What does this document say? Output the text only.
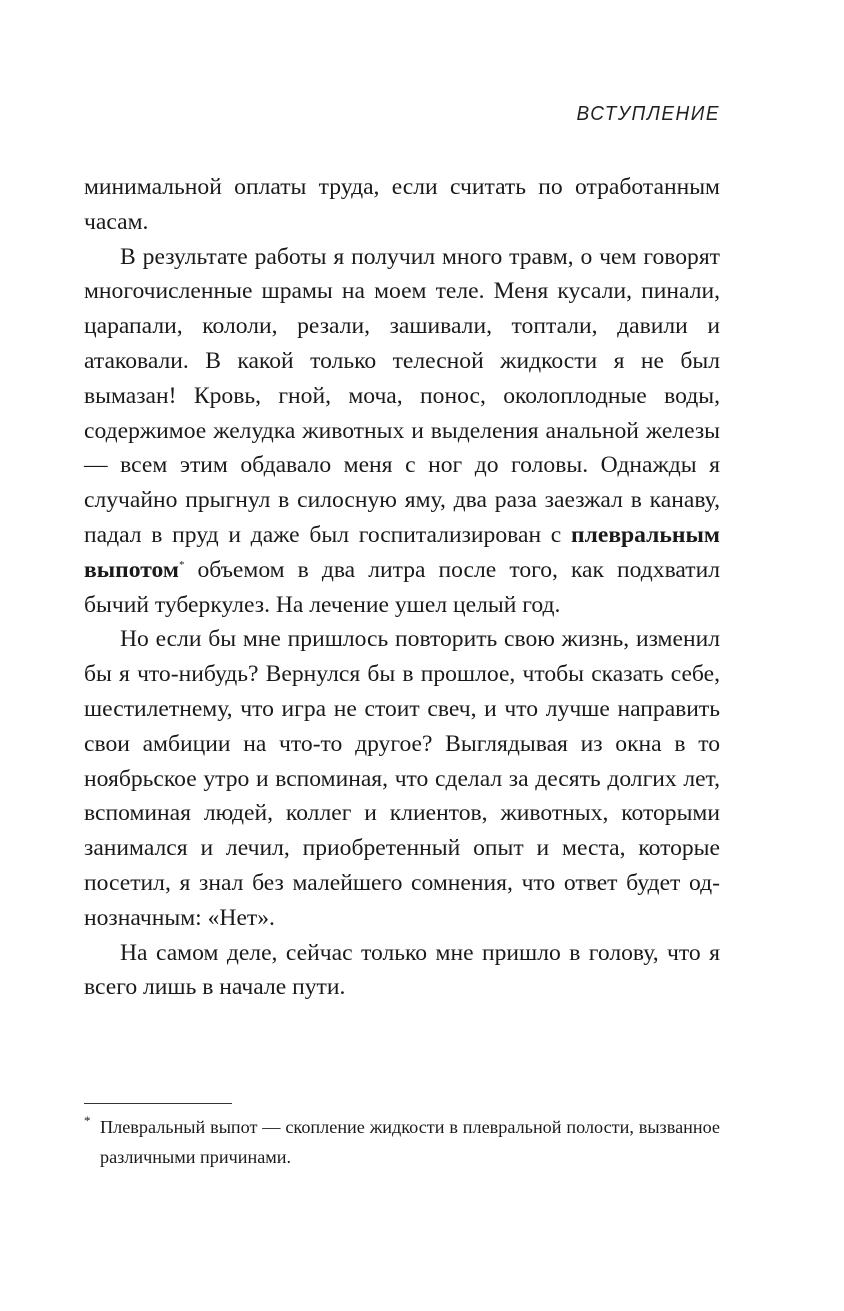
ВСТУПЛЕНИЕ

минимальной оплаты труда, если считать по отработанным часам.

В результате работы я получил много травм, о чем говорят многочисленные шрамы на моем теле. Меня кусали, пинали, царапали, кололи, резали, зашивали, топтали, давили и атаковали. В какой только телесной жидкости я не был вымазан! Кровь, гной, моча, понос, околоплодные воды, содержимое желудка животных и выделения анальной железы — всем этим обдавало меня с ног до головы. Однажды я случайно прыгнул в силосную яму, два раза заезжал в канаву, падал в пруд и даже был госпитализирован с плевральным выпотом* объемом в два литра после того, как подхватил бычий туберкулез. На лечение ушел целый год.

Но если бы мне пришлось повторить свою жизнь, изменил бы я что-нибудь? Вернулся бы в прошлое, чтобы сказать себе, шестилетнему, что игра не стоит свеч, и что лучше направить свои амбиции на что-то другое? Выглядывая из окна в то ноябрьское утро и вспоминая, что сделал за десять долгих лет, вспоминая людей, коллег и клиентов, животных, которыми занимался и лечил, приобретенный опыт и места, которые посетил, я знал без малейшего сомнения, что ответ будет однозначным: «Нет».

На самом деле, сейчас только мне пришло в голову, что я всего лишь в начале пути.

* Плевральный выпот — скопление жидкости в плевральной полости, вызванное различными причинами.
